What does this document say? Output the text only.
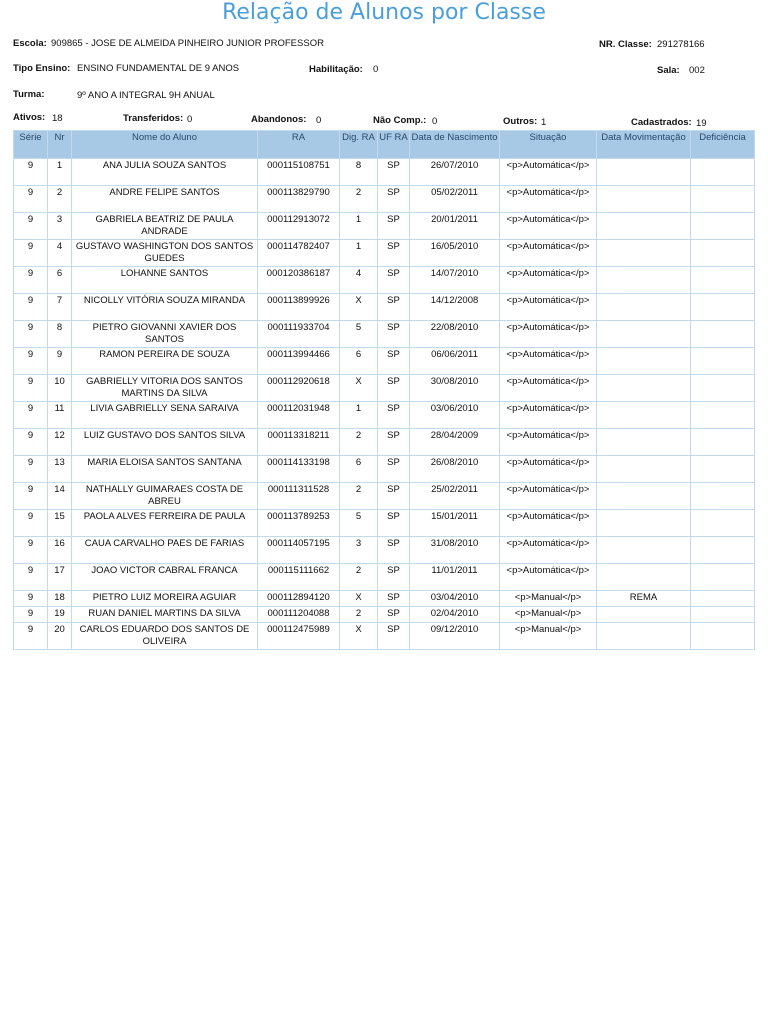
Relação de Alunos por Classe
Escola: 909865 - JOSE DE ALMEIDA PINHEIRO JUNIOR PROFESSOR	NR. Classe: 291278166
Tipo Ensino: ENSINO FUNDAMENTAL DE 9 ANOS	Habilitação: 0	Sala: 002
Turma:	9º ANO A INTEGRAL 9H ANUAL
Ativos: 18	Transferidos: 0	Abandonos: 0	Não Comp.: 0	Outros: 1	Cadastrados: 19
Série	Nr	Nome do Aluno	RA	Dig. RA	UF RA	Data de Nascimento	Situação	Data Movimentação	Deficiência
9	1	ANA JULIA SOUZA SANTOS	000115108751	8	SP	26/07/2010	<p>Automática</p>		
9	2	ANDRE FELIPE SANTOS	000113829790	2	SP	05/02/2011	<p>Automática</p>		
9	3	GABRIELA BEATRIZ DE PAULA ANDRADE	000112913072	1	SP	20/01/2011	<p>Automática</p>		
9	4	GUSTAVO WASHINGTON DOS SANTOS GUEDES	000114782407	1	SP	16/05/2010	<p>Automática</p>		
9	6	LOHANNE SANTOS	000120386187	4	SP	14/07/2010	<p>Automática</p>		
9	7	NICOLLY VITÓRIA SOUZA MIRANDA	000113899926	X	SP	14/12/2008	<p>Automática</p>		
9	8	PIETRO GIOVANNI XAVIER DOS SANTOS	000111933704	5	SP	22/08/2010	<p>Automática</p>		
9	9	RAMON PEREIRA DE SOUZA	000113994466	6	SP	06/06/2011	<p>Automática</p>		
9	10	GABRIELLY VITORIA DOS SANTOS MARTINS DA SILVA	000112920618	X	SP	30/08/2010	<p>Automática</p>		
9	11	LIVIA GABRIELLY SENA SARAIVA	000112031948	1	SP	03/06/2010	<p>Automática</p>		
9	12	LUIZ GUSTAVO DOS SANTOS SILVA	000113318211	2	SP	28/04/2009	<p>Automática</p>		
9	13	MARIA ELOISA SANTOS SANTANA	000114133198	6	SP	26/08/2010	<p>Automática</p>		
9	14	NATHALLY GUIMARAES COSTA DE ABREU	000111311528	2	SP	25/02/2011	<p>Automática</p>		
9	15	PAOLA ALVES FERREIRA DE PAULA	000113789253	5	SP	15/01/2011	<p>Automática</p>		
9	16	CAUA CARVALHO PAES DE FARIAS	000114057195	3	SP	31/08/2010	<p>Automática</p>		
9	17	JOAO VICTOR CABRAL FRANCA	000115111662	2	SP	11/01/2011	<p>Automática</p>		
9	18	PIETRO LUIZ MOREIRA AGUIAR	000112894120	X	SP	03/04/2010	<p>Manual</p>	REMA	
9	19	RUAN DANIEL MARTINS DA SILVA	000111204088	2	SP	02/04/2010	<p>Manual</p>		
9	20	CARLOS EDUARDO DOS SANTOS DE OLIVEIRA	000112475989	X	SP	09/12/2010	<p>Manual</p>		
